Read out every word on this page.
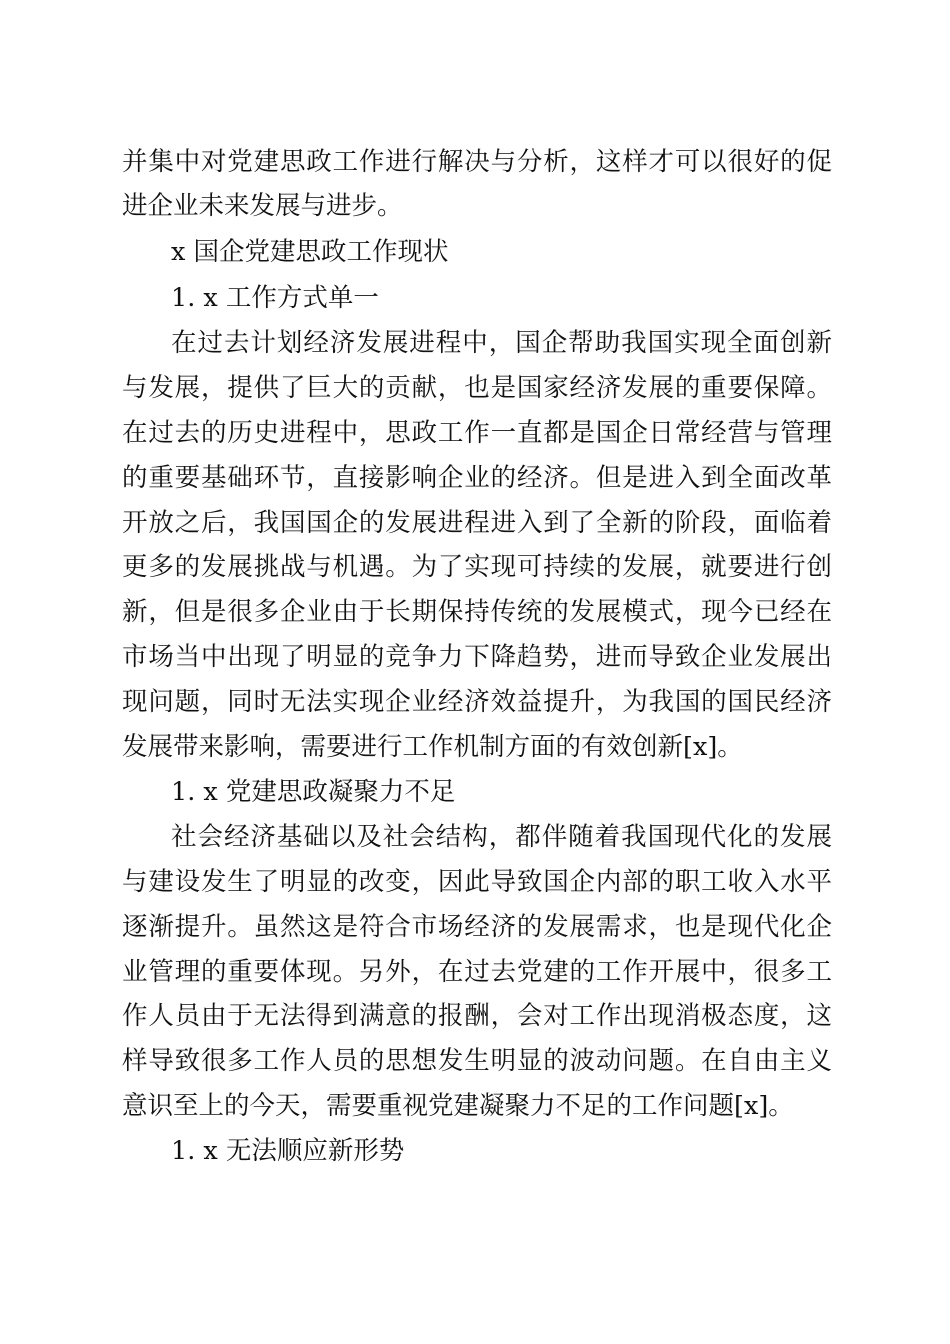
并集中对党建思政工作进行解决与分析，这样才可以很好的促
进企业未来发展与进步。
x 国企党建思政工作现状
1. x 工作方式单一
在过去计划经济发展进程中，国企帮助我国实现全面创新
与发展，提供了巨大的贡献，也是国家经济发展的重要保障。
在过去的历史进程中，思政工作一直都是国企日常经营与管理
的重要基础环节，直接影响企业的经济。但是进入到全面改革
开放之后，我国国企的发展进程进入到了全新的阶段，面临着
更多的发展挑战与机遇。为了实现可持续的发展，就要进行创
新，但是很多企业由于长期保持传统的发展模式，现今已经在
市场当中出现了明显的竞争力下降趋势，进而导致企业发展出
现问题，同时无法实现企业经济效益提升，为我国的国民经济
发展带来影响，需要进行工作机制方面的有效创新[x]。
1. x 党建思政凝聚力不足
社会经济基础以及社会结构，都伴随着我国现代化的发展
与建设发生了明显的改变，因此导致国企内部的职工收入水平
逐渐提升。虽然这是符合市场经济的发展需求，也是现代化企
业管理的重要体现。另外，在过去党建的工作开展中，很多工
作人员由于无法得到满意的报酬，会对工作出现消极态度，这
样导致很多工作人员的思想发生明显的波动问题。在自由主义
意识至上的今天，需要重视党建凝聚力不足的工作问题[x]。
1. x 无法顺应新形势
